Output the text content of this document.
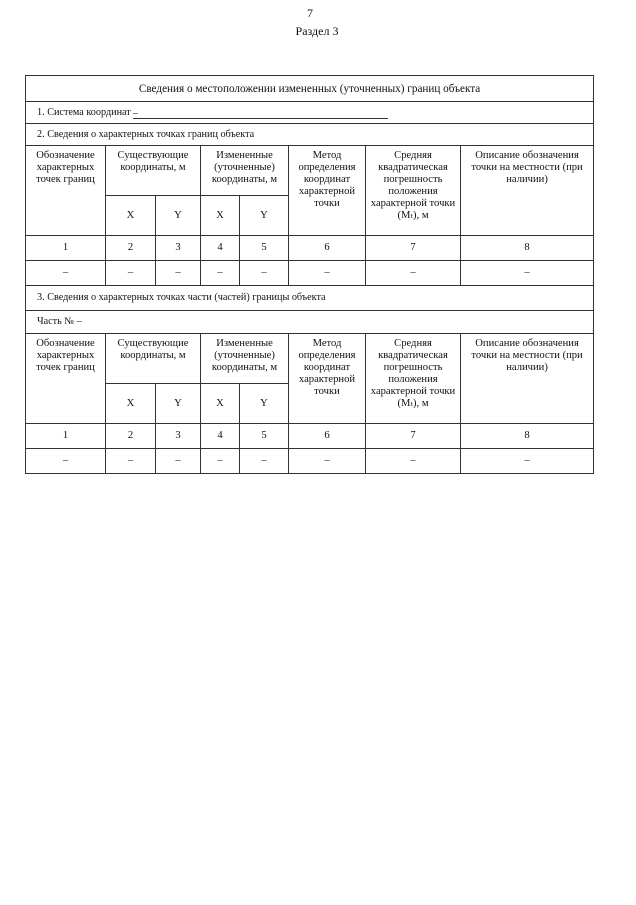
7
Раздел 3
Сведения о местоположении измененных (уточненных) границ объекта							
1. Система координат –							
2. Сведения о характерных точках границ объекта							
Обозначение характерных точек границ	Существующие координаты, м		Измененные (уточненные) координаты, м		Метод определения координат характерной точки	Средняя квадратическая погрешность положения характерной точки (Mₜ), м	Описание обозначения точки на местности (при наличии)
	X	Y	X	Y			
1	2	3	4	5	6	7	8
–	–	–	–	–	–	–	–
3. Сведения о характерных точках части (частей) границы объекта							
Часть № –							
Обозначение характерных точек границ	Существующие координаты, м		Измененные (уточненные) координаты, м		Метод определения координат характерной точки	Средняя квадратическая погрешность положения характерной точки (Mₜ), м	Описание обозначения точки на местности (при наличии)
	X	Y	X	Y			
1	2	3	4	5	6	7	8
–	–	–	–	–	–	–	–
